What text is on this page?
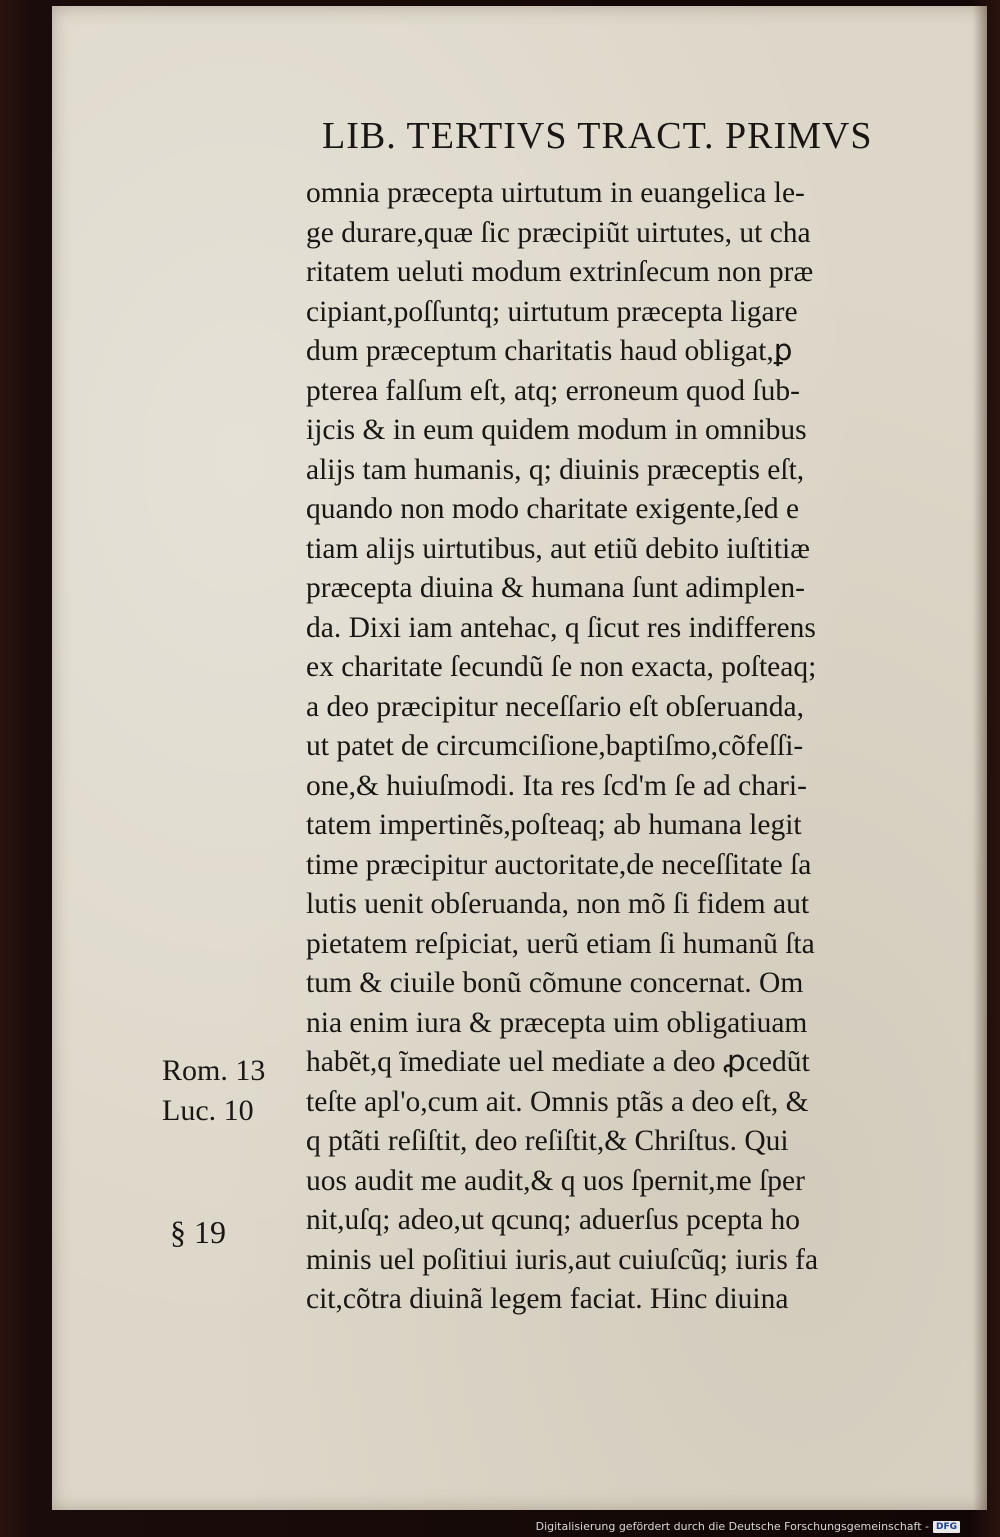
LIB. TERTIVS TRACT. PRIMVS
omnia præcepta uirtutum in euangelica le-
ge durare,quæ ſic præcipiũt uirtutes, ut cha
ritatem ueluti modum extrinſecum non præ
cipiant,poſſuntq; uirtutum præcepta ligare
dum præceptum charitatis haud obligat,ꝑ
pterea falſum eſt, atq; erroneum quod ſub-
ijcis & in eum quidem modum in omnibus
alijs tam humanis, q; diuinis præceptis eſt,
quando non modo charitate exigente,ſed e
tiam alijs uirtutibus, aut etiũ debito iuſtitiæ
præcepta diuina & humana ſunt adimplen-
da. Dixi iam antehac, q ſicut res indifferens
ex charitate ſecundũ ſe non exacta, poſteaq;
a deo præcipitur neceſſario eſt obſeruanda,
ut patet de circumciſione,baptiſmo,cõfeſſi-
one,& huiuſmodi. Ita res ſcd'm ſe ad chari-
tatem impertinẽs,poſteaq; ab humana legit
time præcipitur auctoritate,de neceſſitate ſa
lutis uenit obſeruanda, non mõ ſi fidem aut
pietatem reſpiciat, uerũ etiam ſi humanũ ſta
tum & ciuile bonũ cõmune concernat. Om
nia enim iura & præcepta uim obligatiuam
habẽt,q ĩmediate uel mediate a deo ꝓcedũt
teſte apl'o,cum ait. Omnis ptãs a deo eſt, &
q ptãti reſiſtit, deo reſiſtit,& Chriſtus. Qui
uos audit me audit,& q uos ſpernit,me ſper
nit,uſq; adeo,ut qcunq; aduerſus pcepta ho
minis uel poſitiui iuris,aut cuiuſcũq; iuris fa
cit,cõtra diuinã legem faciat. Hinc diuina
Rom. 13
Luc. 10
§ 19
Digitalisierung gefördert durch die Deutsche Forschungsgemeinschaft - DFG
